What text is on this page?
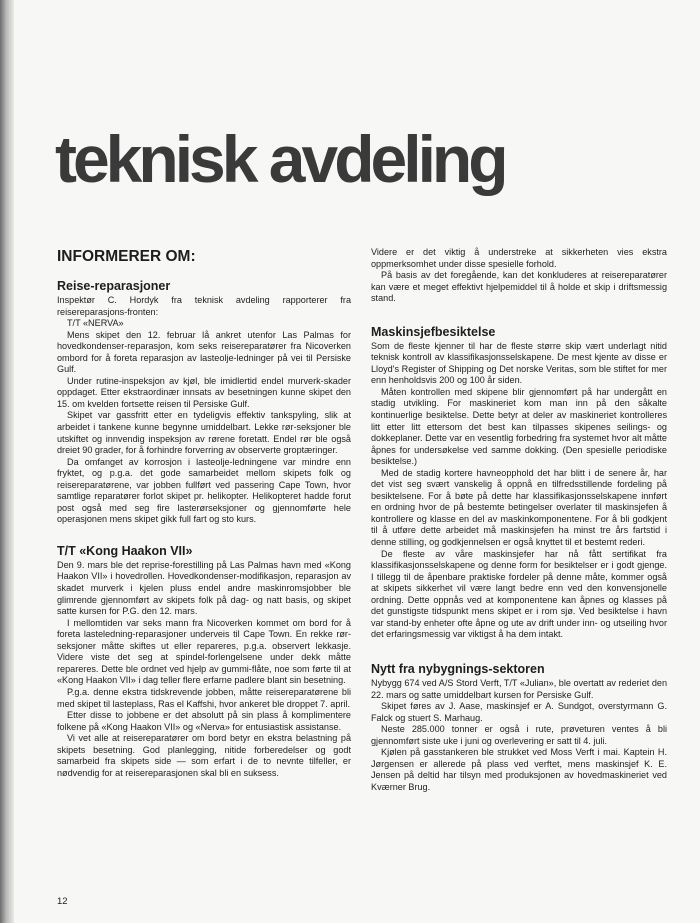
teknisk avdeling
INFORMERER OM:
Reise-reparasjoner

Inspektør C. Hordyk fra teknisk avdeling rapporterer fra reisereparasjons-fronten:

T/T «NERVA»

Mens skipet den 12. februar lå ankret utenfor Las Palmas for hovedkondenser-reparasjon, kom seks reisereparatører fra Nicoverken ombord for å foreta reparasjon av lasteolje-ledninger på vei til Persiske Gulf.

Under rutine-inspeksjon av kjøl, ble imidlertid endel murverk-skader oppdaget. Etter ekstraordinær innsats av besetningen kunne skipet den 15. om kvelden fortsette reisen til Persiske Gulf.

Skipet var gassfritt etter en tydeligvis effektiv tankspyling, slik at arbeidet i tankene kunne begynne umiddelbart. Lekke rør-seksjoner ble utskiftet og innvendig inspeksjon av rørene foretatt. Endel rør ble også dreiet 90 grader, for å forhindre forverring av observerte groptæringer.

Da omfanget av korrosjon i lasteolje-ledningene var mindre enn fryktet, og p.g.a. det gode samarbeidet mellom skipets folk og reisereparatørene, var jobben fullført ved passering Cape Town, hvor samtlige reparatører forlot skipet pr. helikopter. Helikopteret hadde forut post også med seg fire lasterørseksjoner og gjennomførte hele operasjonen mens skipet gikk full fart og sto kurs.

T/T «Kong Haakon VII»

Den 9. mars ble det reprise-forestilling på Las Palmas havn med «Kong Haakon VII» i hovedrollen. Hovedkondenser-modifikasjon, reparasjon av skadet murverk i kjelen pluss endel andre maskinromsjobber ble glimrende gjennomført av skipets folk på dag- og natt basis, og skipet satte kursen for P.G. den 12. mars.

I mellomtiden var seks mann fra Nicoverken kommet om bord for å foreta lasteledning-reparasjoner underveis til Cape Town. En rekke rør-seksjoner måtte skiftes ut eller repareres, p.g.a. observert lekkasje. Videre viste det seg at spindel-forlengelsene under dekk måtte repareres. Dette ble ordnet ved hjelp av gummi-flåte, noe som førte til at «Kong Haakon VII» i dag teller flere erfarne padlere blant sin besetning.

P.g.a. denne ekstra tidskrevende jobben, måtte reisereparatørene bli med skipet til lasteplass, Ras el Kaffshi, hvor ankeret ble droppet 7. april.

Etter disse to jobbene er det absolutt på sin plass å komplimentere folkene på «Kong Haakon VII» og «Nerva» for entusiastisk assistanse.

Vi vet alle at reisereparatører om bord betyr en ekstra belastning på skipets besetning. God planlegging, nitide forberedelser og godt samarbeid fra skipets side — som erfart i de to nevnte tilfeller, er nødvendig for at reisereparasjonen skal bli en suksess.

Videre er det viktig å understreke at sikkerheten vies ekstra oppmerksomhet under disse spesielle forhold.

På basis av det foregående, kan det konkluderes at reisereparatører kan være et meget effektivt hjelpemiddel til å holde et skip i driftsmessig stand.

Maskinsjefbesiktelse

Som de fleste kjenner til har de fleste større skip vært underlagt nitid teknisk kontroll av klassifikasjonsselskapene. De mest kjente av disse er Lloyd's Register of Shipping og Det norske Veritas, som ble stiftet for mer enn henholdsvis 200 og 100 år siden.

Måten kontrollen med skipene blir gjennomført på har undergått en stadig utvikling. For maskineriet kom man inn på den såkalte kontinuerlige besiktelse. Dette betyr at deler av maskineriet kontrolleres litt etter litt ettersom det best kan tilpasses skipenes seilings- og dokkeplaner. Dette var en vesentlig forbedring fra systemet hvor alt måtte åpnes for undersøkelse ved samme dokking. (Den spesielle periodiske besiktelse.)

Med de stadig kortere havneopphold det har blitt i de senere år, har det vist seg svært vanskelig å oppnå en tilfredsstillende fordeling på besiktelsene. For å bøte på dette har klassifikasjonsselskapene innført en ordning hvor de på bestemte betingelser overlater til maskinsjefen å kontrollere og klasse en del av maskinkomponentene. For å bli godkjent til å utføre dette arbeidet må maskinsjefen ha minst tre års fartstid i denne stilling, og godkjennelsen er også knyttet til et bestemt rederi.

De fleste av våre maskinsjefer har nå fått sertifikat fra klassifikasjonsselskapene og denne form for besiktelser er i godt gjenge. I tillegg til de åpenbare praktiske fordeler på denne måte, kommer også at skipets sikkerhet vil være langt bedre enn ved den konvensjonelle ordning. Dette oppnås ved at komponentene kan åpnes og klasses på det gunstigste tidspunkt mens skipet er i rom sjø. Ved besiktelse i havn var stand-by enheter ofte åpne og ute av drift under inn- og utseiling hvor det erfaringsmessig var viktigst å ha dem intakt.

Nytt fra nybygnings-sektoren

Nybygg 674 ved A/S Stord Verft, T/T «Julian», ble overtatt av rederiet den 22. mars og satte umiddelbart kursen for Persiske Gulf.

Skipet føres av J. Aase, maskinsjef er A. Sundgot, overstyrmann G. Falck og stuert S. Marhaug.

Neste 285.000 tonner er også i rute, prøveturen ventes å bli gjennomført siste uke i juni og overlevering er satt til 4. juli.

Kjølen på gasstankeren ble strukket ved Moss Verft i mai. Kaptein H. Jørgensen er allerede på plass ved verftet, mens maskinsjef K. E. Jensen på deltid har tilsyn med produksjonen av hovedmaskineriet ved Kværner Brug.

12
